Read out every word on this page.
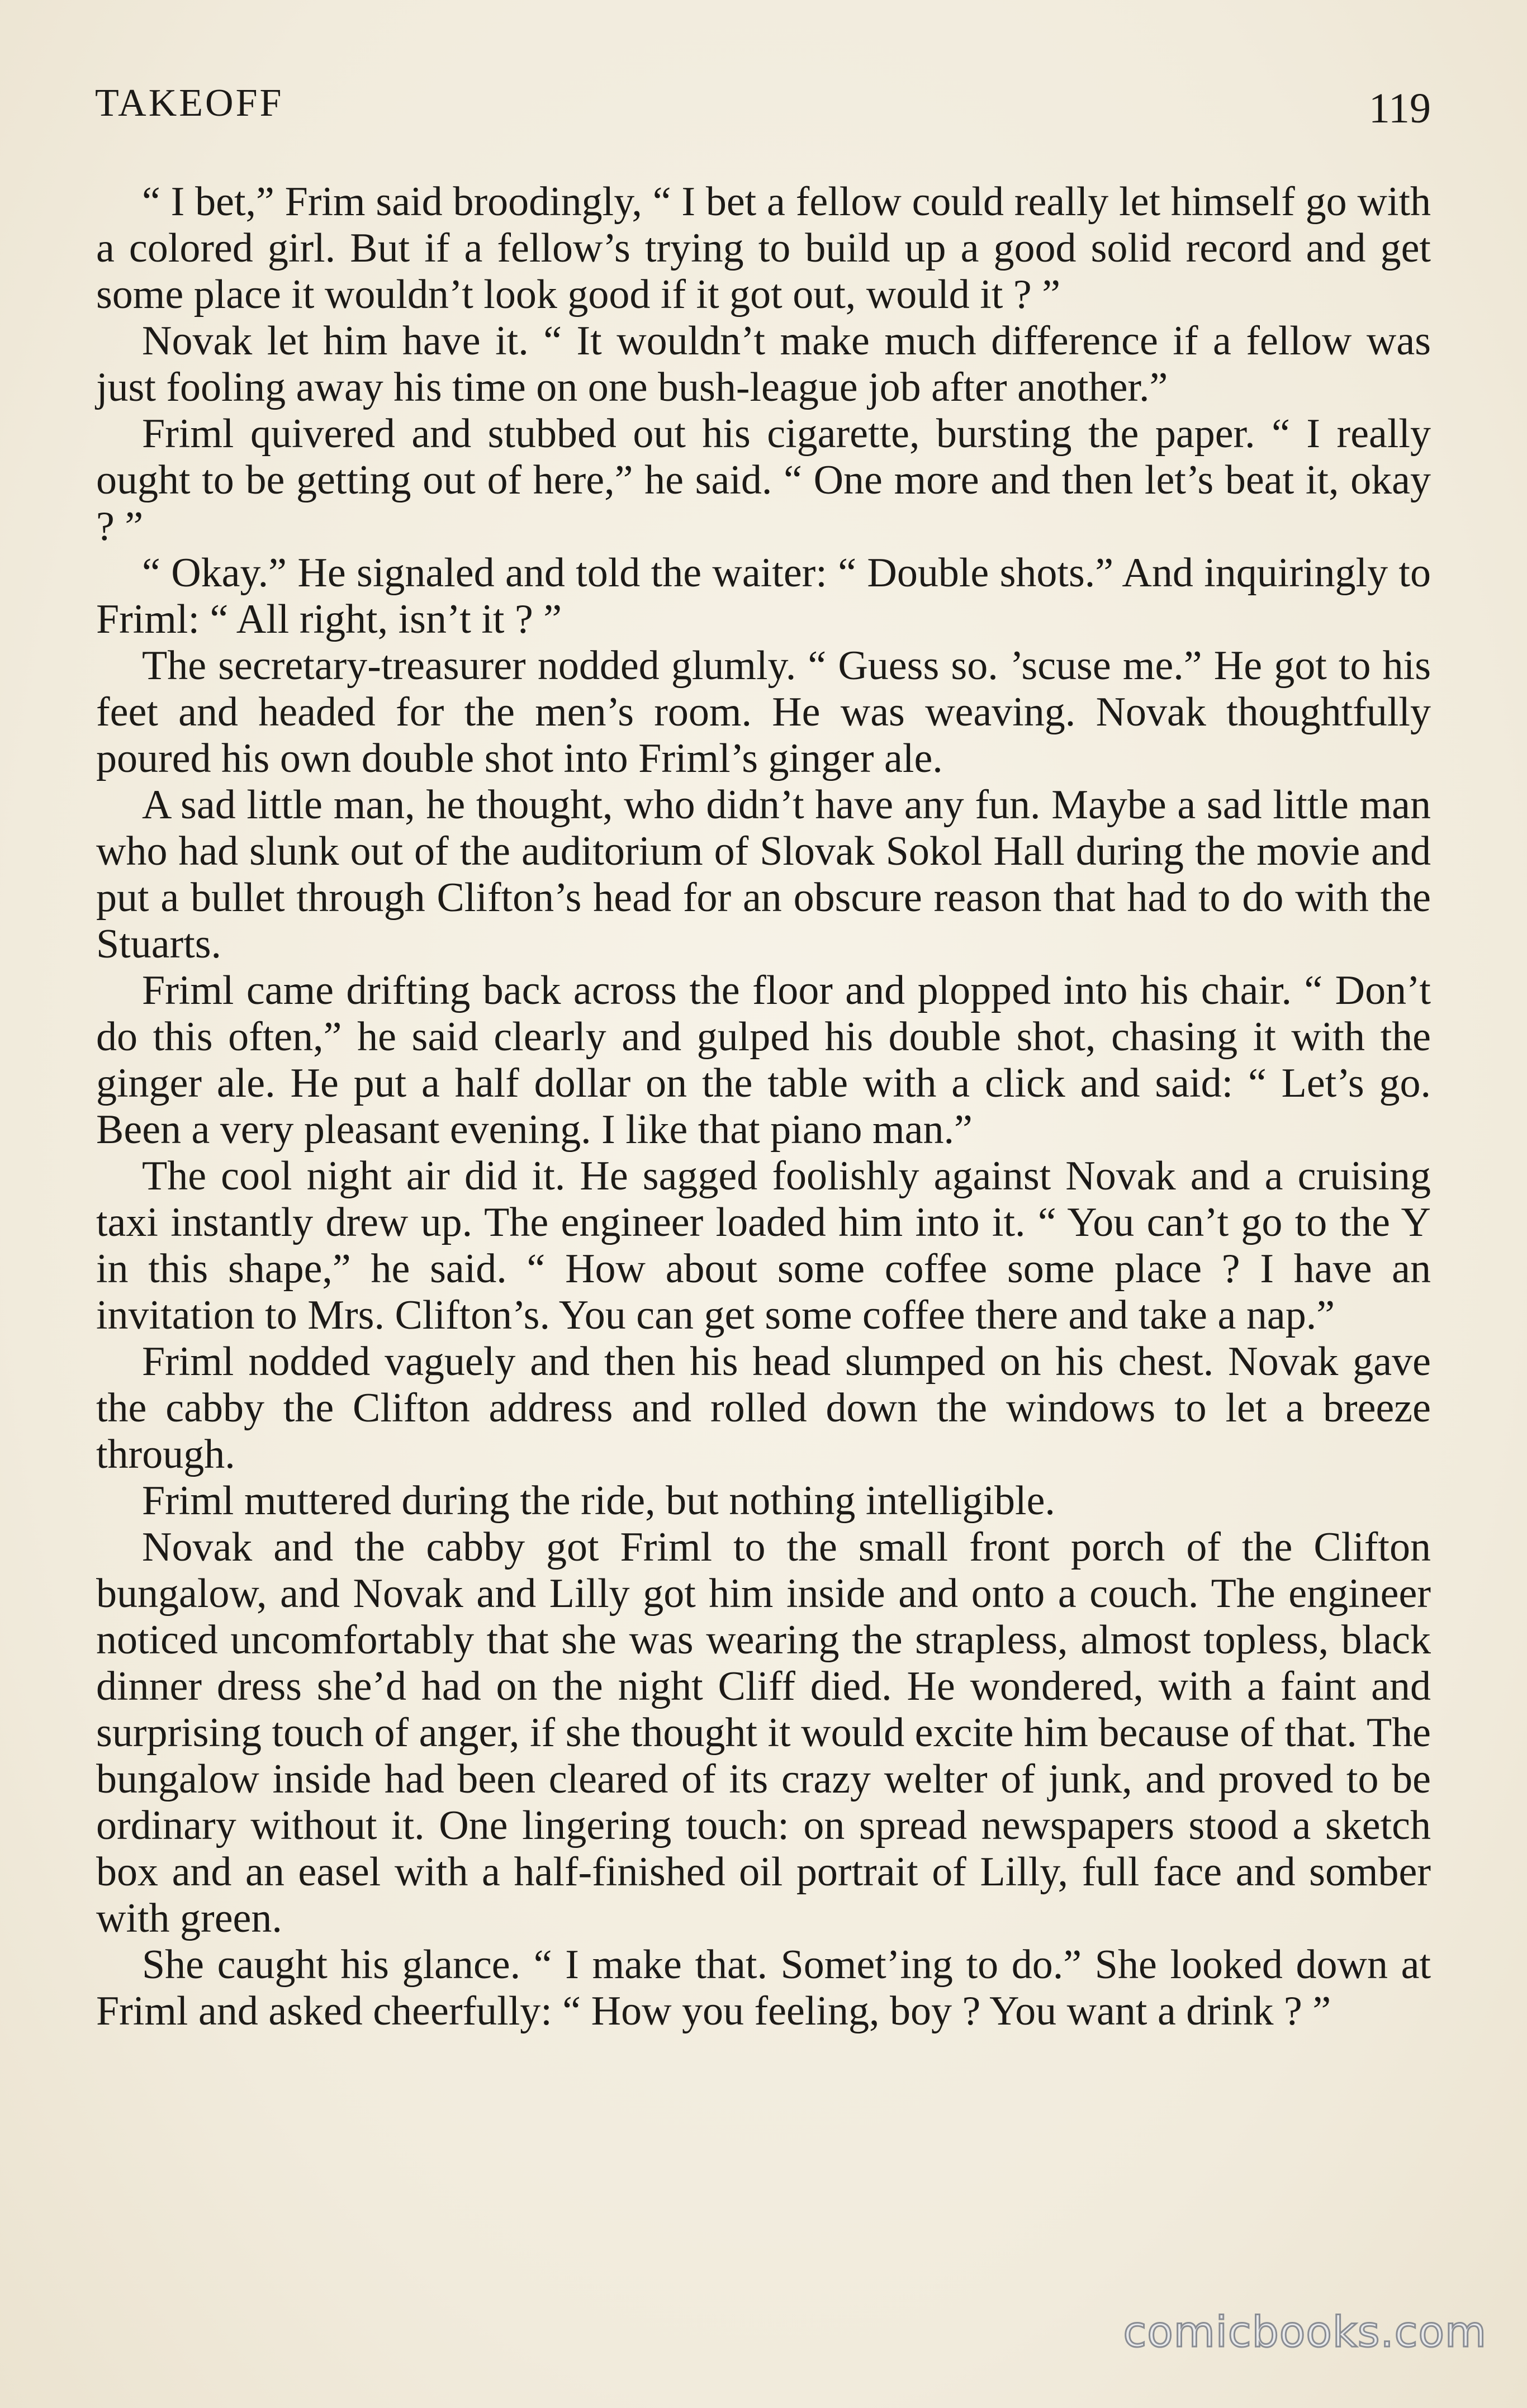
TAKEOFF	119

“ I bet,” Frim said broodingly, “ I bet a fellow could really let himself go with a colored girl. But if a fellow’s trying to build up a good solid record and get some place it wouldn’t look good if it got out, would it ? ”

Novak let him have it. “ It wouldn’t make much difference if a fellow was just fooling away his time on one bush-league job after another.”

Friml quivered and stubbed out his cigarette, bursting the paper. “ I really ought to be getting out of here,” he said. “ One more and then let’s beat it, okay ? ”

“ Okay.” He signaled and told the waiter: “ Double shots.” And inquiringly to Friml: “ All right, isn’t it ? ”

The secretary-treasurer nodded glumly. “ Guess so. ’scuse me.” He got to his feet and headed for the men’s room. He was weaving. Novak thoughtfully poured his own double shot into Friml’s ginger ale.

A sad little man, he thought, who didn’t have any fun. Maybe a sad little man who had slunk out of the auditorium of Slovak Sokol Hall during the movie and put a bullet through Clifton’s head for an obscure reason that had to do with the Stuarts.

Friml came drifting back across the floor and plopped into his chair. “ Don’t do this often,” he said clearly and gulped his double shot, chasing it with the ginger ale. He put a half dollar on the table with a click and said: “ Let’s go. Been a very pleasant evening. I like that piano man.”

The cool night air did it. He sagged foolishly against Novak and a cruising taxi instantly drew up. The engineer loaded him into it. “ You can’t go to the Y in this shape,” he said. “ How about some coffee some place ? I have an invitation to Mrs. Clifton’s. You can get some coffee there and take a nap.”

Friml nodded vaguely and then his head slumped on his chest. Novak gave the cabby the Clifton address and rolled down the windows to let a breeze through.

Friml muttered during the ride, but nothing intelligible.

Novak and the cabby got Friml to the small front porch of the Clifton bungalow, and Novak and Lilly got him inside and onto a couch. The engineer noticed uncomfortably that she was wearing the strapless, almost topless, black dinner dress she’d had on the night Cliff died. He wondered, with a faint and surprising touch of anger, if she thought it would excite him because of that. The bungalow inside had been cleared of its crazy welter of junk, and proved to be ordinary without it. One lingering touch: on spread newspapers stood a sketch box and an easel with a half-finished oil portrait of Lilly, full face and somber with green.

She caught his glance. “ I make that. Somet’ing to do.” She looked down at Friml and asked cheerfully: “ How you feeling, boy ? You want a drink ? ”

comicbooks.com
